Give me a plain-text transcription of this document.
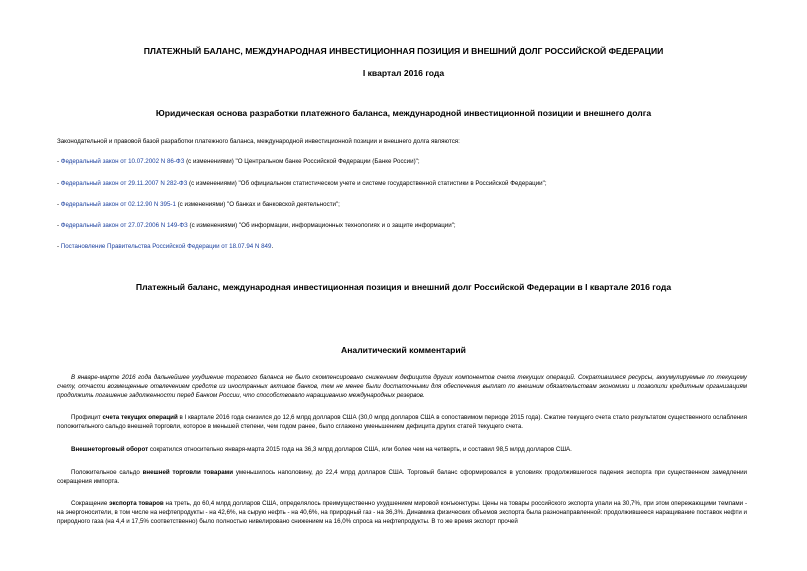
ПЛАТЕЖНЫЙ БАЛАНС, МЕЖДУНАРОДНАЯ ИНВЕСТИЦИОННАЯ ПОЗИЦИЯ И ВНЕШНИЙ ДОЛГ РОССИЙСКОЙ ФЕДЕРАЦИИ
I квартал 2016 года
Юридическая основа разработки платежного баланса, международной инвестиционной позиции и внешнего долга
Законодательной и правовой базой разработки платежного баланса, международной инвестиционной позиции и внешнего долга являются:
- Федеральный закон от 10.07.2002 N 86-ФЗ (с изменениями) "О Центральном банке Российской Федерации (Банке России)";
- Федеральный закон от 29.11.2007 N 282-ФЗ (с изменениями) "Об официальном статистическом учете и системе государственной статистики в Российской Федерации";
- Федеральный закон от 02.12.90 N 395-1 (с изменениями) "О банках и банковской деятельности";
- Федеральный закон от 27.07.2006 N 149-ФЗ (с изменениями) "Об информации, информационных технологиях и о защите информации";
- Постановление Правительства Российской Федерации от 18.07.94 N 849.
Платежный баланс, международная инвестиционная позиция и внешний долг Российской Федерации в I квартале 2016 года
Аналитический комментарий
В январе-марте 2016 года дальнейшее ухудшение торгового баланса не было скомпенсировано снижением дефицита других компонентов счета текущих операций. Сократившиеся ресурсы, аккумулируемые по текущему счету, отчасти возмещенные отвлечением средств из иностранных активов банков, тем не менее были достаточными для обеспечения выплат по внешним обязательствам экономики и позволили кредитным организациям продолжить погашение задолженности перед Банком России, что способствовало наращиванию международных резервов.
Профицит счета текущих операций в I квартале 2016 года снизился до 12,6 млрд долларов США (30,0 млрд долларов США в сопоставимом периоде 2015 года). Сжатие текущего счета стало результатом существенного ослабления положительного сальдо внешней торговли, которое в меньшей степени, чем годом ранее, было сглажено уменьшением дефицита других статей текущего счета.
Внешнеторговый оборот сократился относительно января-марта 2015 года на 36,3 млрд долларов США, или более чем на четверть, и составил 98,5 млрд долларов США.
Положительное сальдо внешней торговли товарами уменьшилось наполовину, до 22,4 млрд долларов США. Торговый баланс сформировался в условиях продолжившегося падения экспорта при существенном замедлении сокращения импорта.
Сокращение экспорта товаров на треть, до 60,4 млрд долларов США, определялось преимущественно ухудшением мировой конъюнктуры. Цены на товары российского экспорта упали на 30,7%, при этом опережающими темпами - на энергоносители, в том числе на нефтепродукты - на 42,6%, на сырую нефть - на 40,6%, на природный газ - на 36,3%. Динамика физических объемов экспорта была разнонаправленной: продолжившееся наращивание поставок нефти и природного газа (на 4,4 и 17,5% соответственно) было полностью нивелировано снижением на 16,0% спроса на нефтепродукты. В то же время экспорт прочей
